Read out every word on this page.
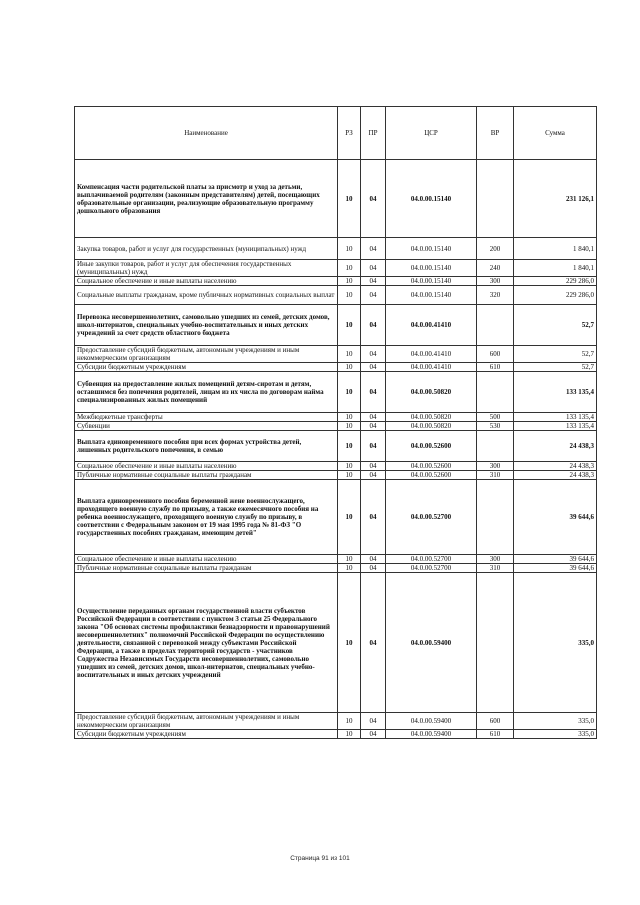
Наименование	РЗ	ПР	ЦСР	ВР	Сумма
Компенсация части родительской платы за присмотр и уход за детьми, выплачиваемой родителям (законным представителям) детей, посещающих образовательные организации, реализующие образовательную программу дошкольного образования	10	04	04.0.00.15140		231 126,1
Закупка товаров, работ и услуг для государственных (муниципальных) нужд	10	04	04.0.00.15140	200	1 840,1
Иные закупки товаров, работ и услуг для обеспечения государственных (муниципальных) нужд	10	04	04.0.00.15140	240	1 840,1
Социальное обеспечение и иные выплаты населению	10	04	04.0.00.15140	300	229 286,0
Социальные выплаты гражданам, кроме публичных нормативных социальных выплат	10	04	04.0.00.15140	320	229 286,0
Перевозка несовершеннолетних, самовольно ушедших из семей, детских домов, школ-интернатов, специальных учебно-воспитательных и иных детских учреждений за счет средств областного бюджета	10	04	04.0.00.41410		52,7
Предоставление субсидий бюджетным, автономным учреждениям и иным некоммерческим организациям	10	04	04.0.00.41410	600	52,7
Субсидии бюджетным учреждениям	10	04	04.0.00.41410	610	52,7
Субвенция на предоставление жилых помещений детям-сиротам и детям, оставшимся без попечения родителей, лицам из их числа по договорам найма специализированных жилых помещений	10	04	04.0.00.50820		133 135,4
Межбюджетные трансферты	10	04	04.0.00.50820	500	133 135,4
Субвенции	10	04	04.0.00.50820	530	133 135,4
Выплата единовременного пособия при всех формах устройства детей, лишенных родительского попечения, в семью	10	04	04.0.00.52600		24 438,3
Социальное обеспечение и иные выплаты населению	10	04	04.0.00.52600	300	24 438,3
Публичные нормативные социальные выплаты гражданам	10	04	04.0.00.52600	310	24 438,3
Выплата единовременного пособия беременной жене военнослужащего, проходящего военную службу по призыву, а также ежемесячного пособия на ребенка военнослужащего, проходящего военную службу по призыву, в соответствии с Федеральным законом от 19 мая 1995 года № 81-ФЗ "О государственных пособиях гражданам, имеющим детей"	10	04	04.0.00.52700		39 644,6
Социальное обеспечение и иные выплаты населению	10	04	04.0.00.52700	300	39 644,6
Публичные нормативные социальные выплаты гражданам	10	04	04.0.00.52700	310	39 644,6
Осуществление переданных органам государственной власти субъектов Российской Федерации в соответствии с пунктом 3 статьи 25 Федерального закона "Об основах системы профилактики безнадзорности и правонарушений несовершеннолетних" полномочий Российской Федерации по осуществлению деятельности, связанной с перевозкой между субъектами Российской Федерации, а также в пределах территорий государств - участников Содружества Независимых Государств несовершеннолетних, самовольно ушедших из семей, детских домов, школ-интернатов, специальных учебно-воспитательных и иных детских учреждений	10	04	04.0.00.59400		335,0
Предоставление субсидий бюджетным, автономным учреждениям и иным некоммерческим организациям	10	04	04.0.00.59400	600	335,0
Субсидии бюджетным учреждениям	10	04	04.0.00.59400	610	335,0
Страница 91 из 101
